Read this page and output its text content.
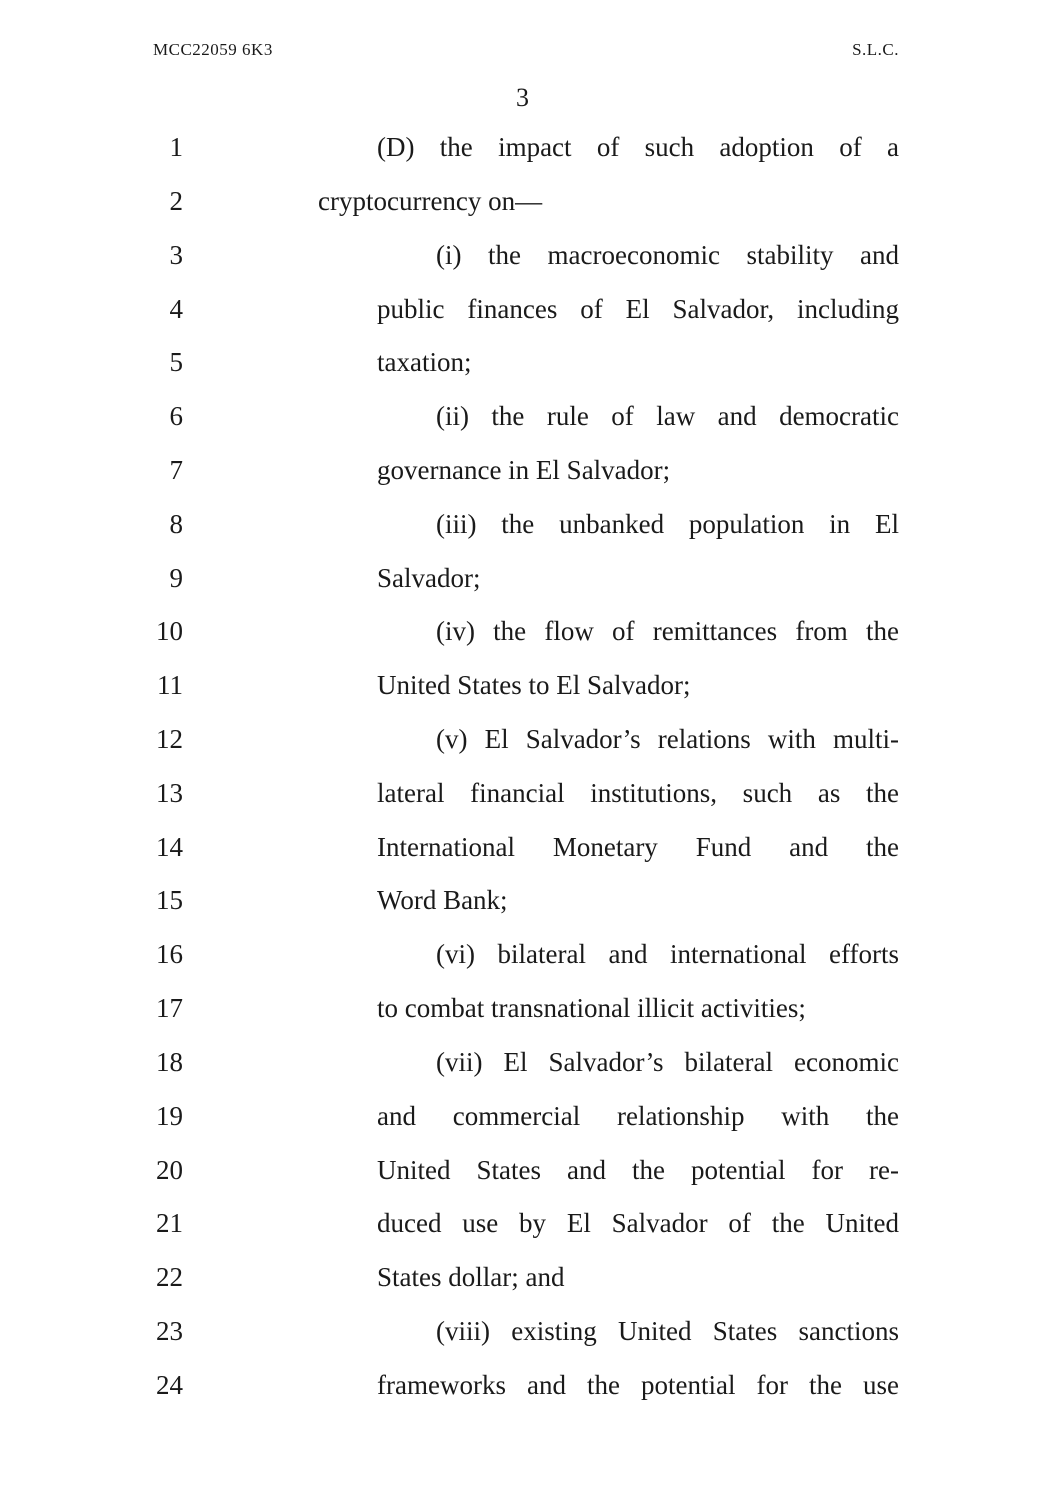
MCC22059 6K3	S.L.C.
3
1	(D) the impact of such adoption of a
2	cryptocurrency on—
3	(i) the macroeconomic stability and
4	public finances of El Salvador, including
5	taxation;
6	(ii) the rule of law and democratic
7	governance in El Salvador;
8	(iii) the unbanked population in El
9	Salvador;
10	(iv) the flow of remittances from the
11	United States to El Salvador;
12	(v) El Salvador’s relations with multi-
13	lateral financial institutions, such as the
14	International Monetary Fund and the
15	Word Bank;
16	(vi) bilateral and international efforts
17	to combat transnational illicit activities;
18	(vii) El Salvador’s bilateral economic
19	and commercial relationship with the
20	United States and the potential for re-
21	duced use by El Salvador of the United
22	States dollar; and
23	(viii) existing United States sanctions
24	frameworks and the potential for the use
